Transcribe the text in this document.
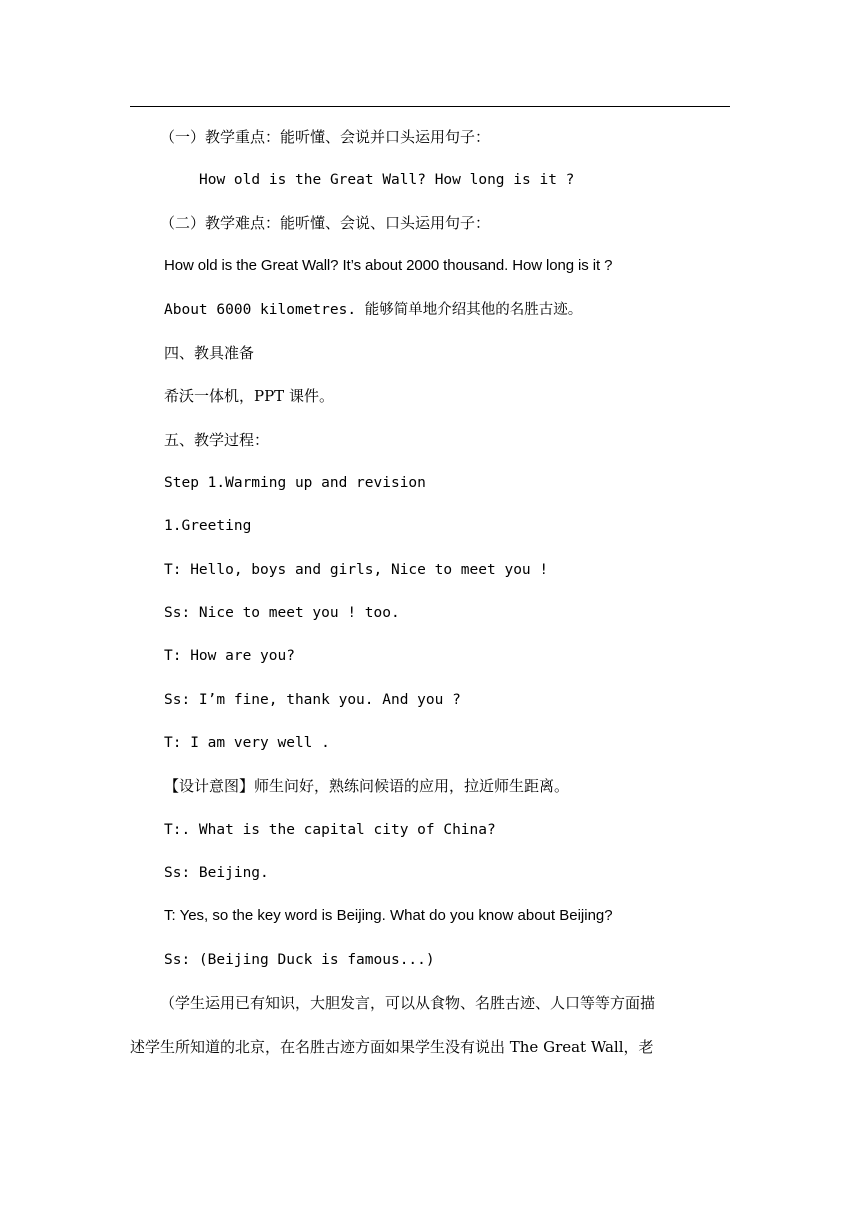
（一）教学重点：能听懂、会说并口头运用句子：
How old is the Great Wall? How long is it ?
（二）教学难点：能听懂、会说、口头运用句子：
How old is the Great Wall? It’s about 2000 thousand. How long is it ?
About 6000 kilometres. 能够简单地介绍其他的名胜古迹。
四、教具准备
希沃一体机，PPT 课件。
五、教学过程：
Step 1.Warming up and revision
1.Greeting
T: Hello, boys and girls, Nice to meet you !
Ss: Nice to meet you ! too.
T: How are you?
Ss: I’m fine, thank you. And you ?
T: I am very well .
【设计意图】师生问好，熟练问候语的应用，拉近师生距离。
T:. What is the capital city of China?
Ss: Beijing.
T: Yes, so the key word is Beijing. What do you know about Beijing?
Ss: (Beijing Duck is famous...)
（学生运用已有知识，大胆发言，可以从食物、名胜古迹、人口等等方面描
述学生所知道的北京，在名胜古迹方面如果学生没有说出 The Great Wall，老
